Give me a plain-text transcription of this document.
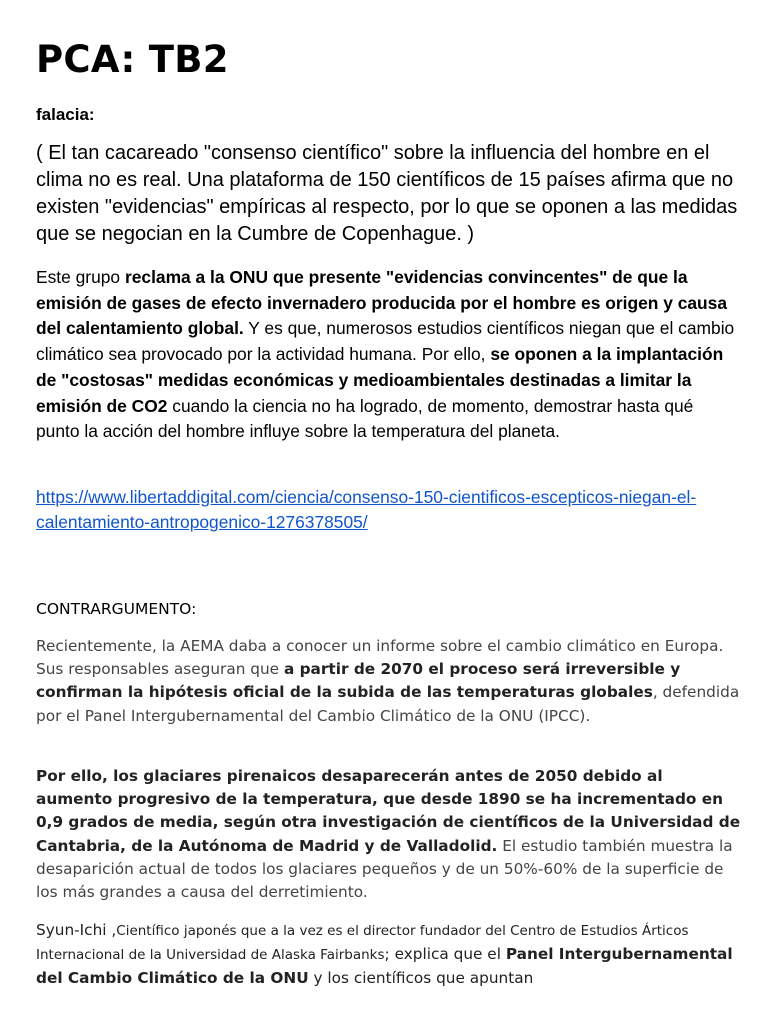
PCA: TB2
falacia:

( El tan cacareado "consenso científico" sobre la influencia del hombre en el clima no es real. Una plataforma de 150 científicos de 15 países afirma que no existen "evidencias" empíricas al respecto, por lo que se oponen a las medidas que se negocian en la Cumbre de Copenhague. )

Este grupo reclama a la ONU que presente "evidencias convincentes" de que la emisión de gases de efecto invernadero producida por el hombre es origen y causa del calentamiento global. Y es que, numerosos estudios científicos niegan que el cambio climático sea provocado por la actividad humana. Por ello, se oponen a la implantación de "costosas" medidas económicas y medioambientales destinadas a limitar la emisión de CO2 cuando la ciencia no ha logrado, de momento, demostrar hasta qué punto la acción del hombre influye sobre la temperatura del planeta.

https://www.libertaddigital.com/ciencia/consenso-150-cientificos-escepticos-niegan-el-calentamiento-antropogenico-1276378505/
CONTRARGUMENTO:

Recientemente, la AEMA daba a conocer un informe sobre el cambio climático en Europa. Sus responsables aseguran que a partir de 2070 el proceso será irreversible y confirman la hipótesis oficial de la subida de las temperaturas globales, defendida por el Panel Intergubernamental del Cambio Climático de la ONU (IPCC).

Por ello, los glaciares pirenaicos desaparecerán antes de 2050 debido al aumento progresivo de la temperatura, que desde 1890 se ha incrementado en 0,9 grados de media, según otra investigación de científicos de la Universidad de Cantabria, de la Autónoma de Madrid y de Valladolid. El estudio también muestra la desaparición actual de todos los glaciares pequeños y de un 50%-60% de la superficie de los más grandes a causa del derretimiento.

Syun-Ichi ,Científico japonés que a la vez es el director fundador del Centro de Estudios Árticos Internacional de la Universidad de Alaska Fairbanks; explica que el Panel Intergubernamental del Cambio Climático de la ONU y los científicos que apuntan
